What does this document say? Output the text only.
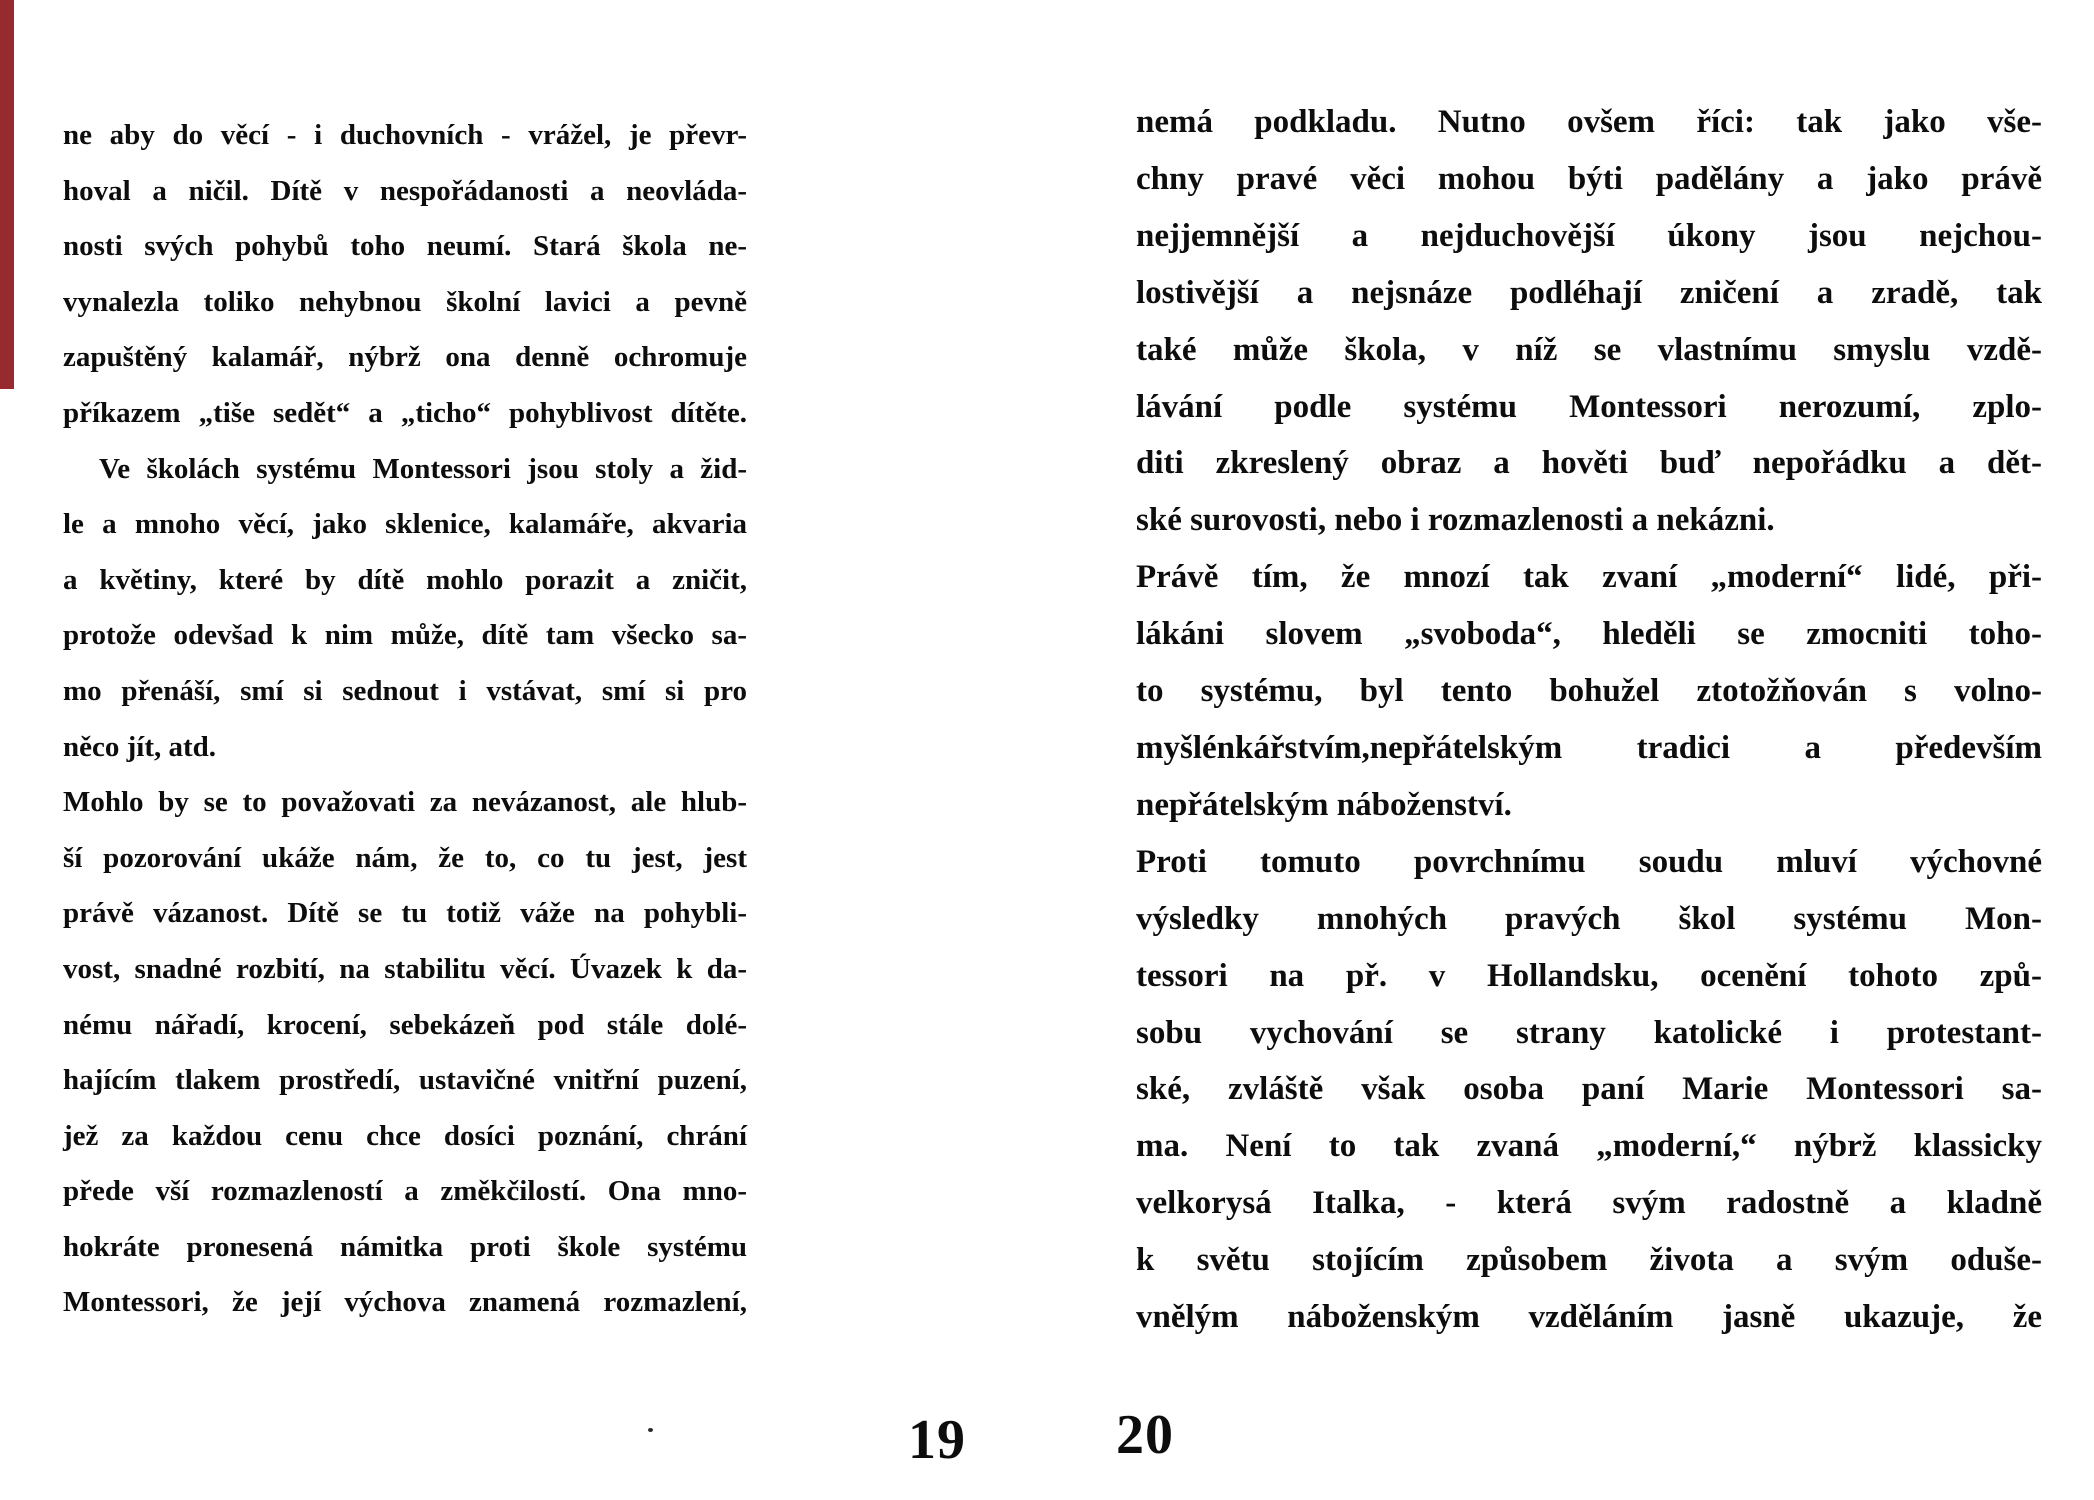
ne aby do věcí - i duchovních - vrážel, je převr-
hoval a ničil. Dítě v nespořádanosti a neovláda-
nosti svých pohybů toho neumí. Stará škola ne-
vynalezla toliko nehybnou školní lavici a pevně
zapuštěný kalamář, nýbrž ona denně ochromuje
příkazem „tiše sedět“ a „ticho“ pohyblivost dítěte.
Ve školách systému Montessori jsou stoly a žid-
le a mnoho věcí, jako sklenice, kalamáře, akvaria
a květiny, které by dítě mohlo porazit a zničit,
protože odevšad k nim může, dítě tam všecko sa-
mo přenáší, smí si sednout i vstávat, smí si pro
něco jít, atd.
Mohlo by se to považovati za nevázanost, ale hlub-
ší pozorování ukáže nám, že to, co tu jest, jest
právě vázanost. Dítě se tu totiž váže na pohybli-
vost, snadné rozbití, na stabilitu věcí. Úvazek k da-
nému nářadí, krocení, sebekázeň pod stále dolé-
hajícím tlakem prostředí, ustavičné vnitřní puzení,
jež za každou cenu chce dosíci poznání, chrání
přede vší rozmazleností a změkčilostí. Ona mno-
hokráte pronesená námitka proti škole systému
Montessori, že její výchova znamená rozmazlení,
nemá podkladu. Nutno ovšem říci: tak jako vše-
chny pravé věci mohou býti padělány a jako právě
nejjemnější a nejduchovější úkony jsou nejchou-
lostivější a nejsnáze podléhají zničení a zradě, tak
také může škola, v níž se vlastnímu smyslu vzdě-
lávání podle systému Montessori nerozumí, zplo-
diti zkreslený obraz a hověti buď nepořádku a dět-
ské surovosti, nebo i rozmazlenosti a nekázni.
Právě tím, že mnozí tak zvaní „moderní“ lidé, při-
lákáni slovem „svoboda“, hleděli se zmocniti toho-
to systému, byl tento bohužel ztotožňován s volno-
myšlénkářstvím,nepřátelským tradici a především
nepřátelským náboženství.
Proti tomuto povrchnímu soudu mluví výchovné
výsledky mnohých pravých škol systému Mon-
tessori na př. v Hollandsku, ocenění tohoto způ-
sobu vychování se strany katolické i protestant-
ské, zvláště však osoba paní Marie Montessori sa-
ma. Není to tak zvaná „moderní,“ nýbrž klassicky
velkorysá Italka, - která svým radostně a kladně
k světu stojícím způsobem života a svým oduše-
vnělým náboženským vzděláním jasně ukazuje, že
19	20
